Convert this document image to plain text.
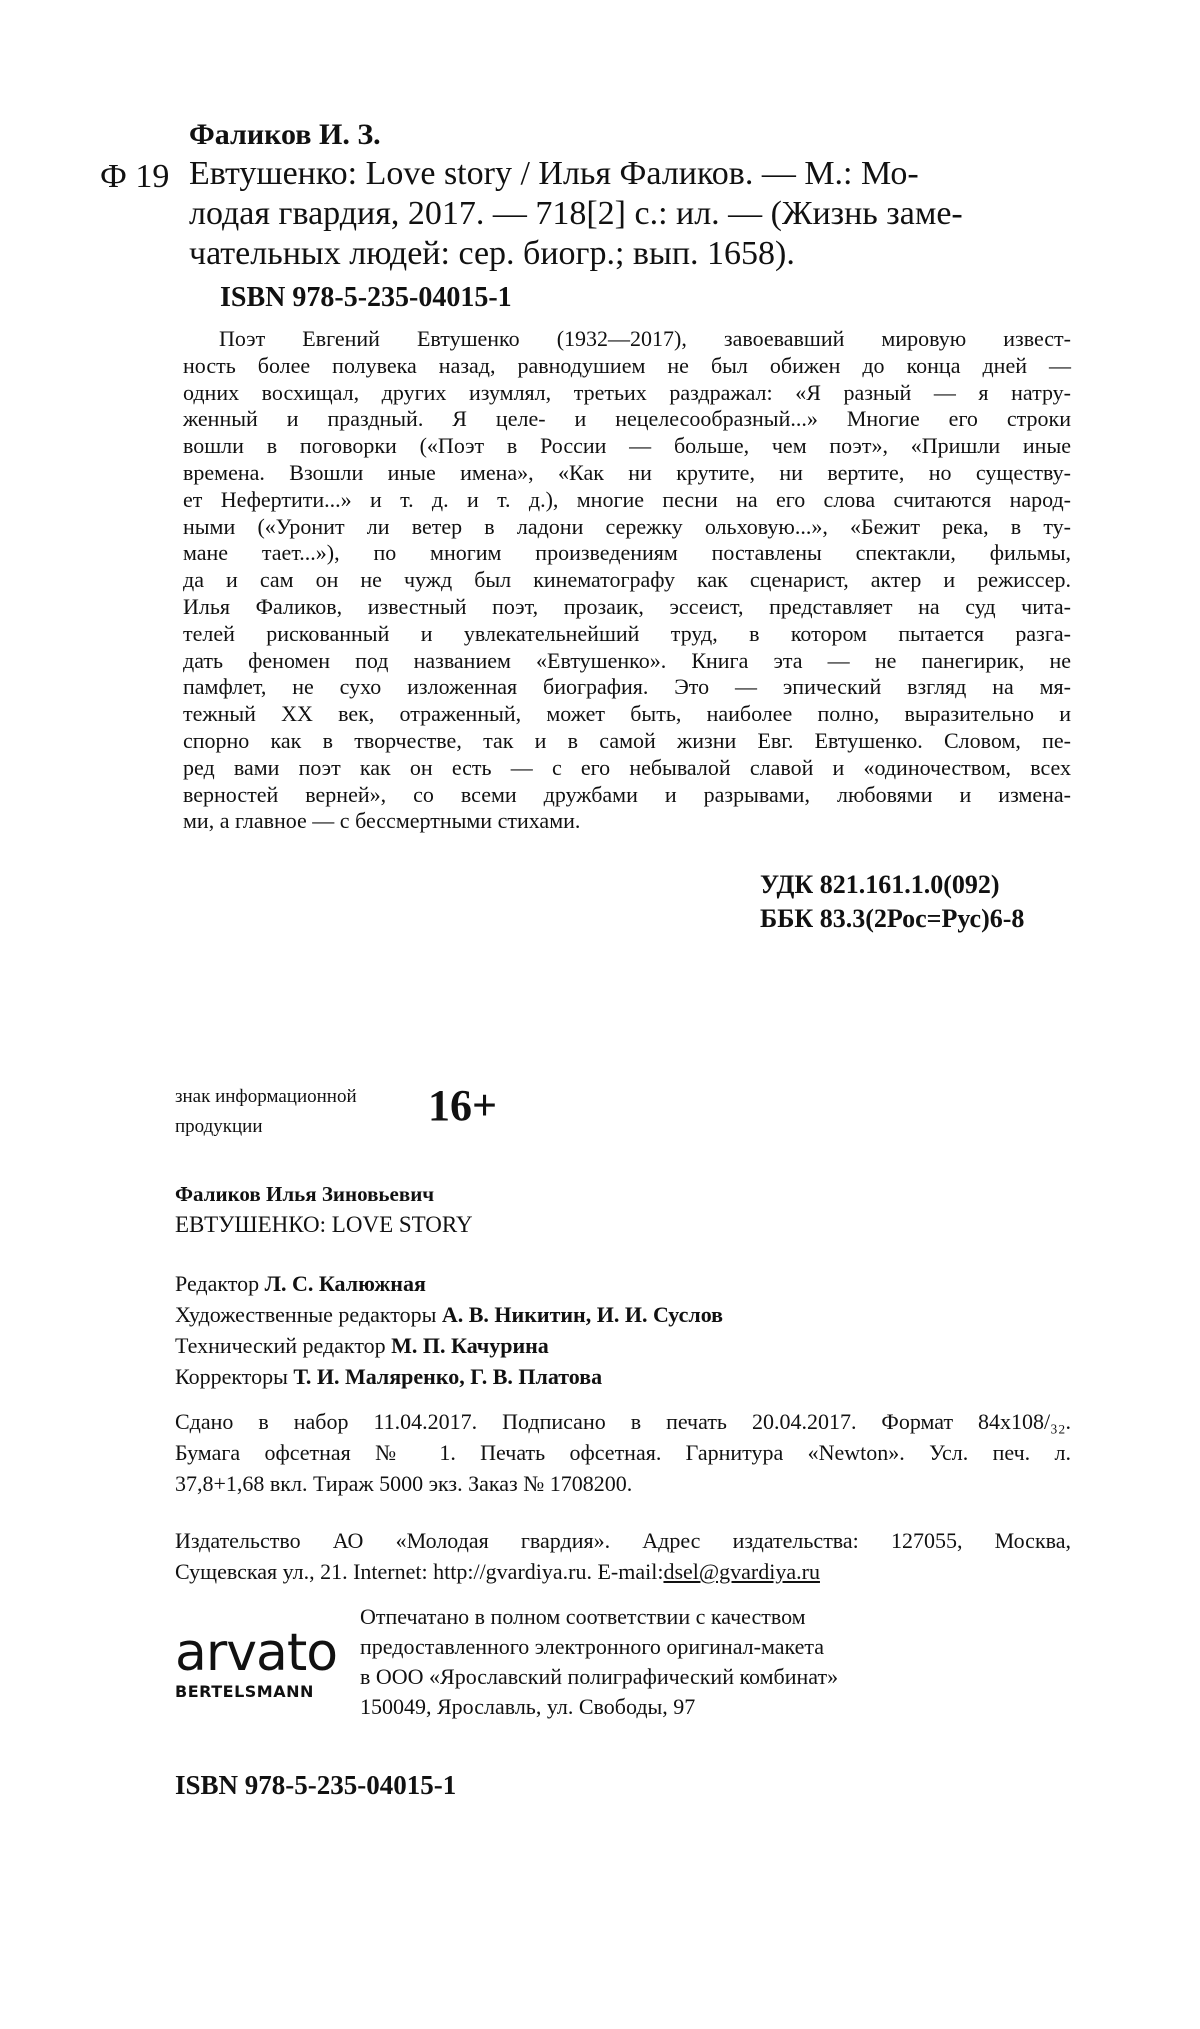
Фаликов И. З.
Ф 19 Евтушенко: Love story / Илья Фаликов. — М.: Мо-
лодая гвардия, 2017. — 718[2] с.: ил. — (Жизнь заме-
чательных людей: сер. биогр.; вып. 1658).
ISBN 978-5-235-04015-1
Поэт Евгений Евтушенко (1932—2017), завоевавший мировую извест-
ность более полувека назад, равнодушием не был обижен до конца дней —
одних восхищал, других изумлял, третьих раздражал: «Я разный — я натру-
женный и праздный. Я целе- и нецелесообразный...» Многие его строки
вошли в поговорки («Поэт в России — больше, чем поэт», «Пришли иные
времена. Взошли иные имена», «Как ни крутите, ни вертите, но существу-
ет Нефертити...» и т. д. и т. д.), многие песни на его слова считаются народ-
ными («Уронит ли ветер в ладони сережку ольховую...», «Бежит река, в ту-
мане тает...»), по многим произведениям поставлены спектакли, фильмы,
да и сам он не чужд был кинематографу как сценарист, актер и режиссер.
Илья Фаликов, известный поэт, прозаик, эссеист, представляет на суд чита-
телей рискованный и увлекательнейший труд, в котором пытается разга-
дать феномен под названием «Евтушенко». Книга эта — не панегирик, не
памфлет, не сухо изложенная биография. Это — эпический взгляд на мя-
тежный XX век, отраженный, может быть, наиболее полно, выразительно и
спорно как в творчестве, так и в самой жизни Евг. Евтушенко. Словом, пе-
ред вами поэт как он есть — с его небывалой славой и «одиночеством, всех
верностей верней», со всеми дружбами и разрывами, любовями и измена-
ми, а главное — с бессмертными стихами.
УДК 821.161.1.0(092)
ББК 83.3(2Рос=Рус)6-8
знак информационной
продукции	16+
Фаликов Илья Зиновьевич
ЕВТУШЕНКО: LOVE STORY
Редактор Л. С. Калюжная
Художественные редакторы А. В. Никитин, И. И. Суслов
Технический редактор М. П. Качурина
Корректоры Т. И. Маляренко, Г. В. Платова
Сдано в набор 11.04.2017. Подписано в печать 20.04.2017. Формат 84х108/₃₂.
Бумага офсетная № 1. Печать офсетная. Гарнитура «Newton». Усл. печ. л.
37,8+1,68 вкл. Тираж 5000 экз. Заказ № 1708200.
Издательство АО «Молодая гвардия». Адрес издательства: 127055, Москва,
Сущевская ул., 21. Internet: http://gvardiya.ru. E-mail:dsel@gvardiya.ru
arvato
BERTELSMANN
Отпечатано в полном соответствии с качеством
предоставленного электронного оригинал-макета
в ООО «Ярославский полиграфический комбинат»
150049, Ярославль, ул. Свободы, 97
ISBN 978-5-235-04015-1
